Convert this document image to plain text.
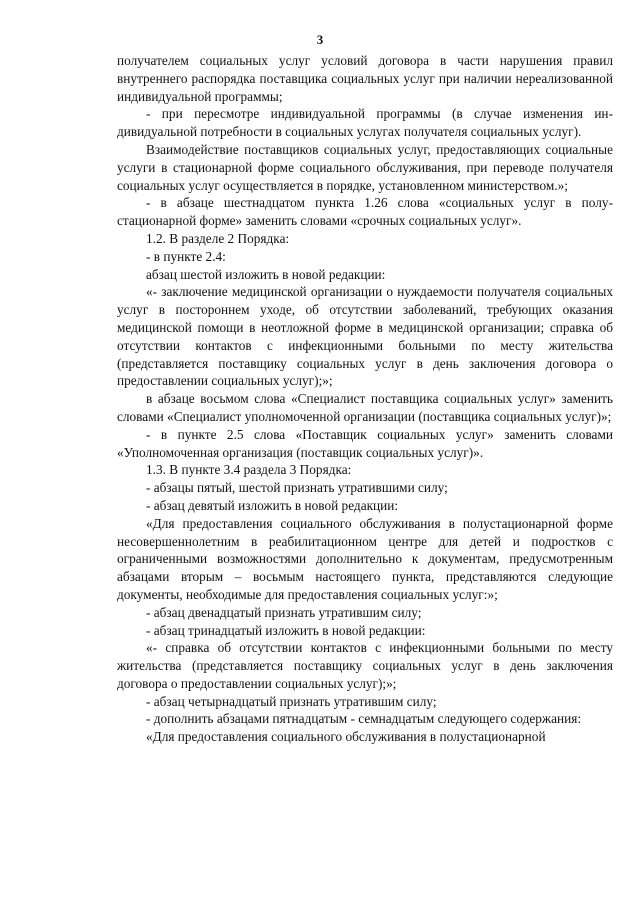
3

получателем социальных услуг условий договора в части нарушения правил внутреннего распорядка поставщика социальных услуг при наличии нереализованной индивидуальной программы;

- при пересмотре индивидуальной программы (в случае изменения индивидуальной потребности в социальных услугах получателя социальных услуг).

Взаимодействие поставщиков социальных услуг, предоставляющих социальные услуги в стационарной форме социального обслуживания, при переводе получателя социальных услуг осуществляется в порядке, установленном министерством.»;

- в абзаце шестнадцатом пункта 1.26 слова «социальных услуг в полустационарной форме» заменить словами «срочных социальных услуг».

1.2. В разделе 2 Порядка:

- в пункте 2.4:

абзац шестой изложить в новой редакции:

«- заключение медицинской организации о нуждаемости получателя социальных услуг в постороннем уходе, об отсутствии заболеваний, требующих оказания медицинской помощи в неотложной форме в медицинской организации; справка об отсутствии контактов с инфекционными больными по месту жительства (представляется поставщику социальных услуг в день заключения договора о предоставлении социальных услуг);»;

в абзаце восьмом слова «Специалист поставщика социальных услуг» заменить словами «Специалист уполномоченной организации (поставщика социальных услуг)»;

- в пункте 2.5 слова «Поставщик социальных услуг» заменить словами «Уполномоченная организация (поставщик социальных услуг)».

1.3. В пункте 3.4 раздела 3 Порядка:

- абзацы пятый, шестой признать утратившими силу;

- абзац девятый изложить в новой редакции:

«Для предоставления социального обслуживания в полустационарной форме несовершеннолетним в реабилитационном центре для детей и подростков с ограниченными возможностями дополнительно к документам, предусмотренным абзацами вторым – восьмым настоящего пункта, представляются следующие документы, необходимые для предоставления социальных услуг:»;

- абзац двенадцатый признать утратившим силу;

- абзац тринадцатый изложить в новой редакции:

«- справка об отсутствии контактов с инфекционными больными по месту жительства (представляется поставщику социальных услуг в день заключения договора о предоставлении социальных услуг);»;

- абзац четырнадцатый признать утратившим силу;

- дополнить абзацами пятнадцатым - семнадцатым следующего содержания:

«Для предоставления социального обслуживания в полустационарной
